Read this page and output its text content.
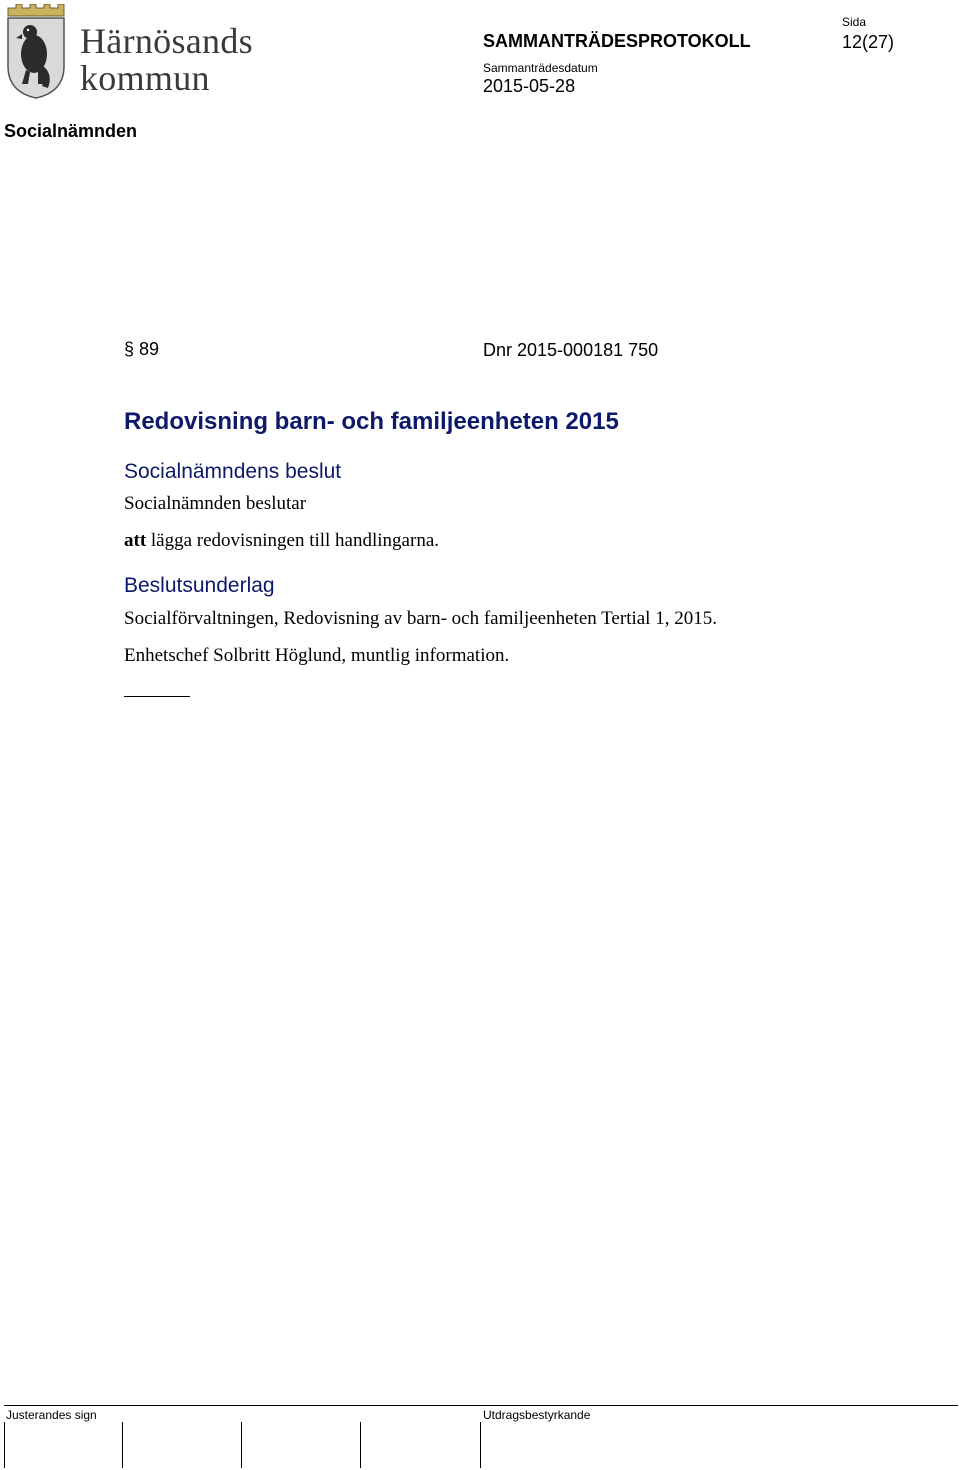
Härnösands
kommun
SAMMANTRÄDESPROTOKOLL
Sammanträdesdatum
2015-05-28
Sida
12(27)
Socialnämnden
§ 89	Dnr 2015-000181 750
Redovisning barn- och familjeenheten 2015
Socialnämndens beslut
Socialnämnden beslutar
att lägga redovisningen till handlingarna.
Beslutsunderlag
Socialförvaltningen, Redovisning av barn- och familjeenheten Tertial 1, 2015.
Enhetschef Solbritt Höglund, muntlig information.
Justerandes sign	Utdragsbestyrkande
